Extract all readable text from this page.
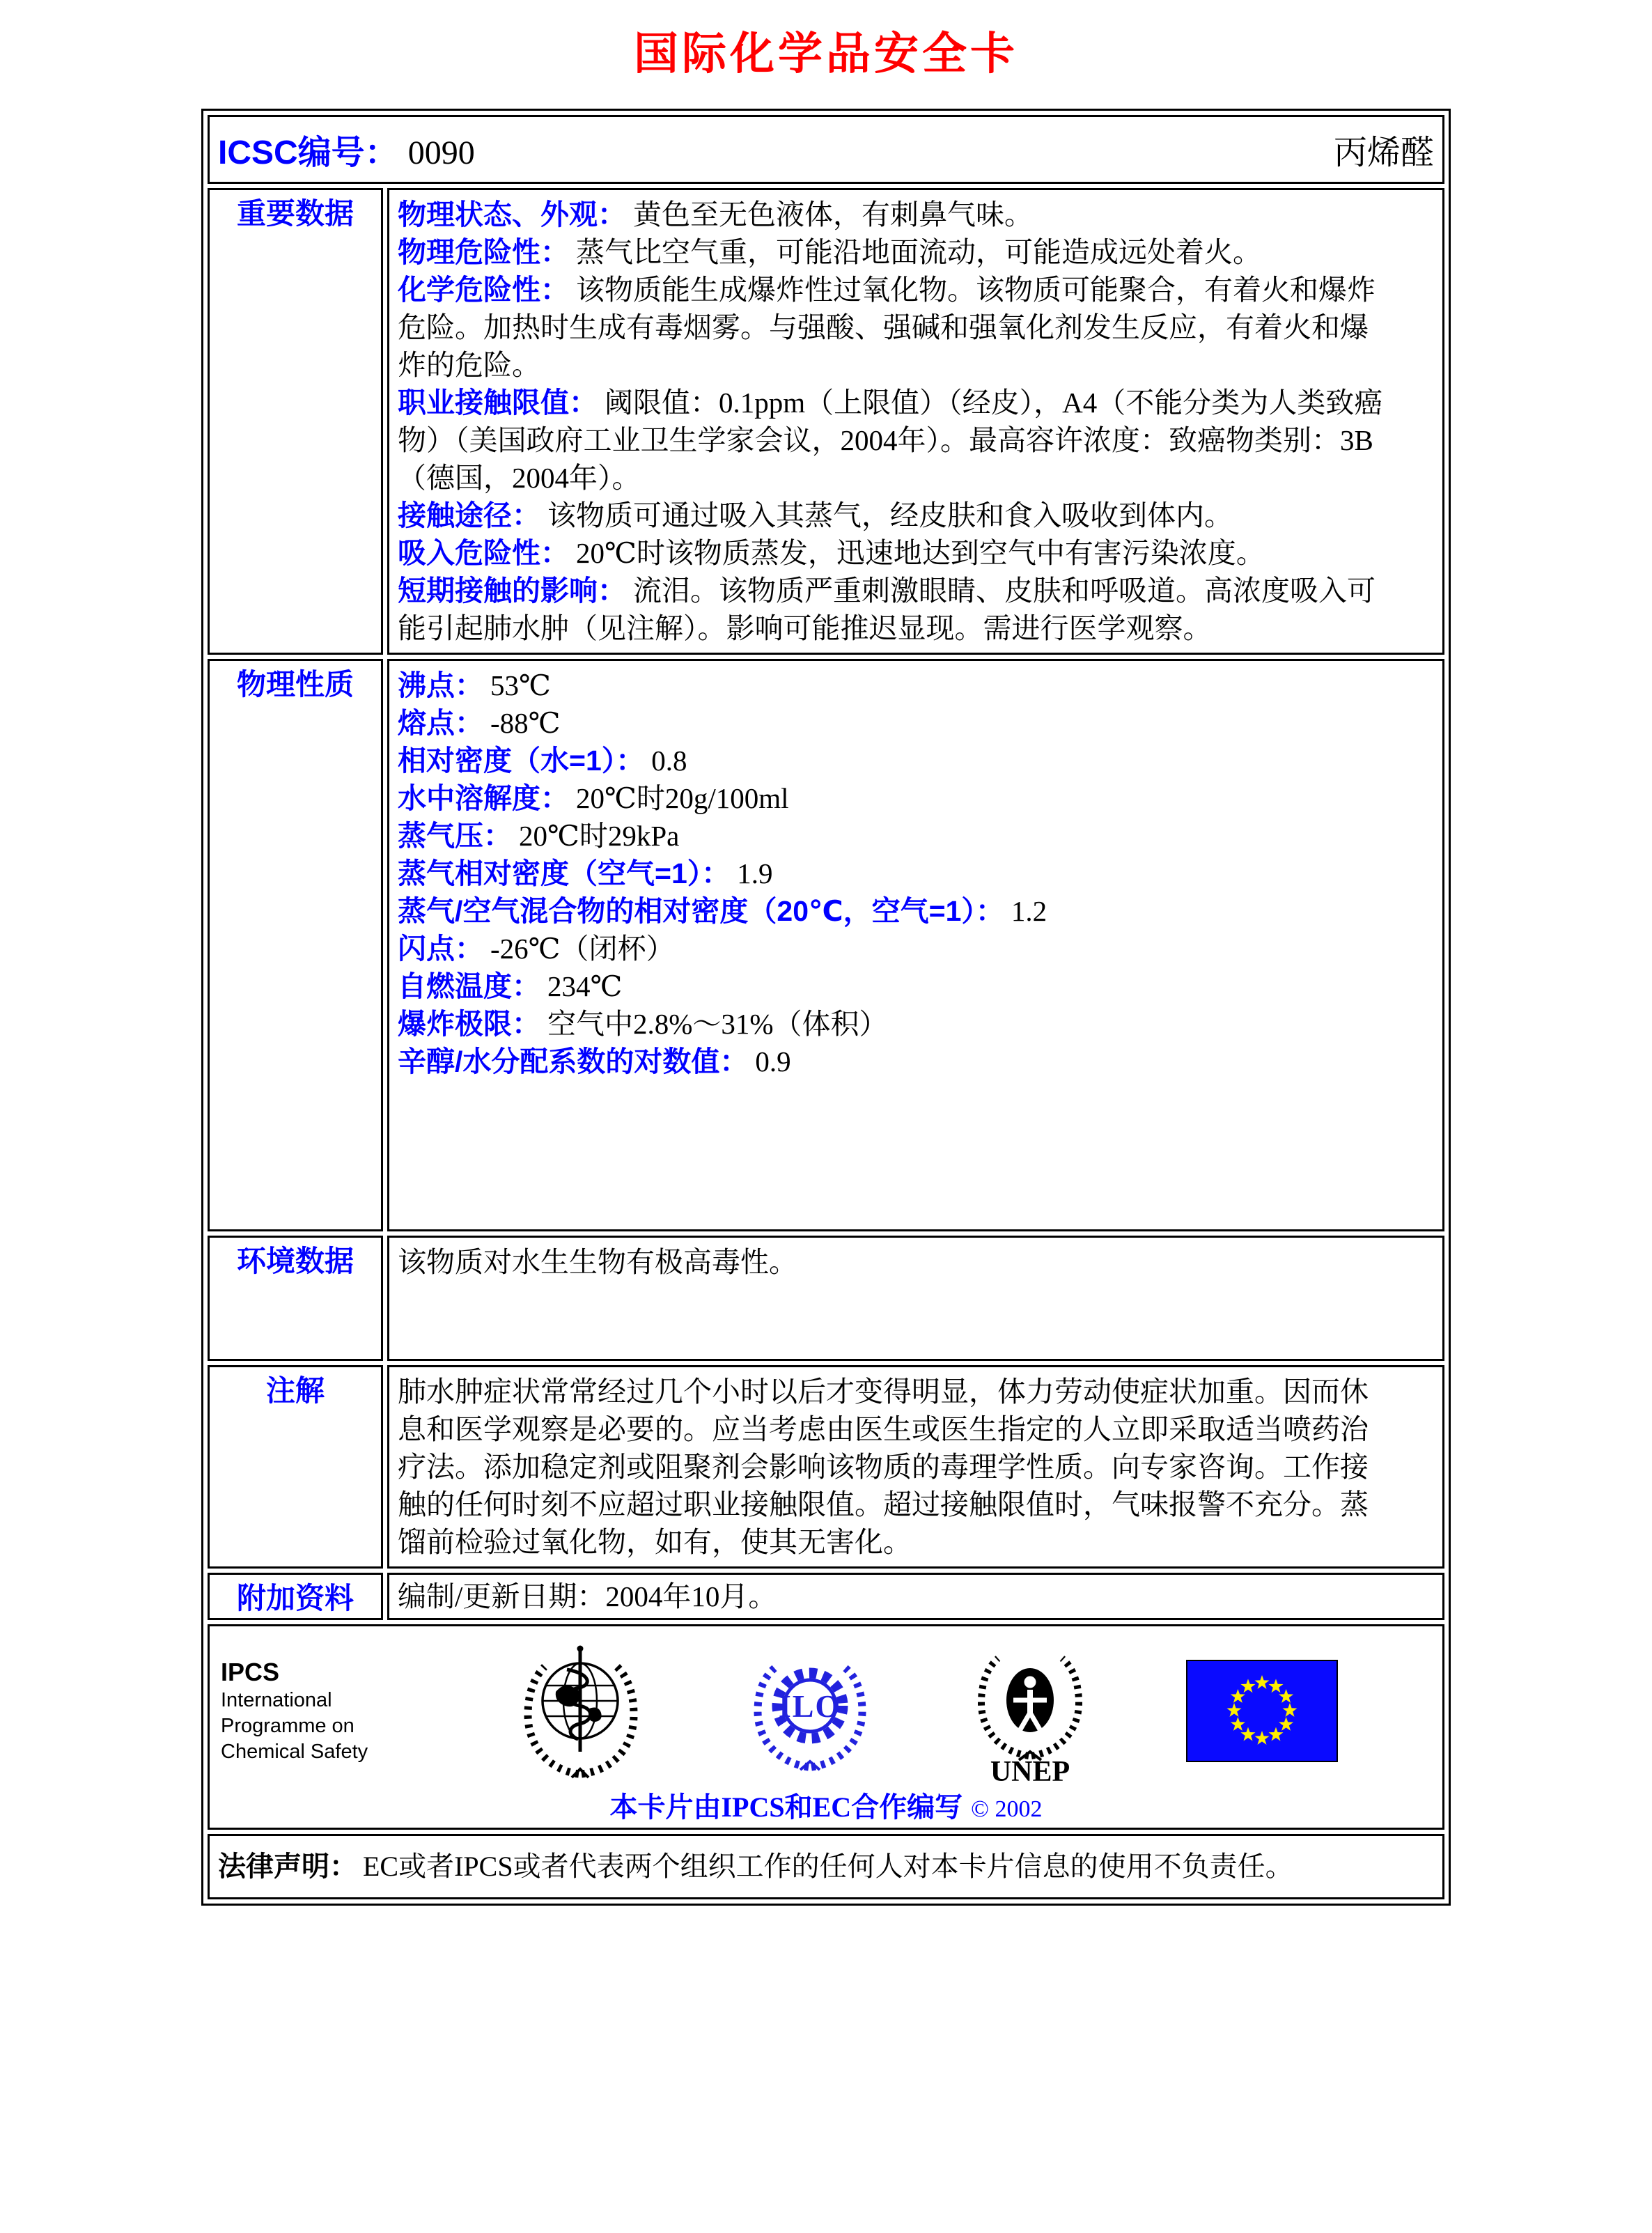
国际化学品安全卡
ICSC编号： 0090 丙烯醛	

重要数据	物理状态、外观： 黄色至无色液体，有刺鼻气味。
物理危险性： 蒸气比空气重，可能沿地面流动，可能造成远处着火。
化学危险性： 该物质能生成爆炸性过氧化物。该物质可能聚合，有着火和爆炸危险。加热时生成有毒烟雾。与强酸、强碱和强氧化剂发生反应，有着火和爆炸的危险。
职业接触限值： 阈限值：0.1ppm（上限值）（经皮），A4（不能分类为人类致癌物）（美国政府工业卫生学家会议，2004年）。最高容许浓度：致癌物类别：3B（德国，2004年）。
接触途径： 该物质可通过吸入其蒸气，经皮肤和食入吸收到体内。
吸入危险性： 20℃时该物质蒸发，迅速地达到空气中有害污染浓度。
短期接触的影响： 流泪。该物质严重刺激眼睛、皮肤和呼吸道。高浓度吸入可能引起肺水肿（见注解）。影响可能推迟显现。需进行医学观察。

物理性质	沸点： 53℃
熔点： -88℃
相对密度（水=1）： 0.8
水中溶解度： 20℃时20g/100ml
蒸气压： 20℃时29kPa
蒸气相对密度（空气=1）： 1.9
蒸气/空气混合物的相对密度（20℃，空气=1）： 1.2
闪点： -26℃（闭杯）
自燃温度： 234℃
爆炸极限： 空气中2.8%～31%（体积）
辛醇/水分配系数的对数值： 0.9

环境数据	该物质对水生生物有极高毒性。
注解	肺水肿症状常常经过几个小时以后才变得明显，体力劳动使症状加重。因而休息和医学观察是必要的。应当考虑由医生或医生指定的人立即采取适当喷药治疗法。添加稳定剂或阻聚剂会影响该物质的毒理学性质。向专家咨询。工作接触的任何时刻不应超过职业接触限值。超过接触限值时，气味报警不充分。蒸馏前检验过氧化物，如有，使其无害化。
附加资料	编制/更新日期：2004年10月。

IPCS
International
Programme on
Chemical Safety
ILO
UNEP
本卡片由IPCS和EC合作编写 © 2002

法律声明： EC或者IPCS或者代表两个组织工作的任何人对本卡片信息的使用不负责任。	
